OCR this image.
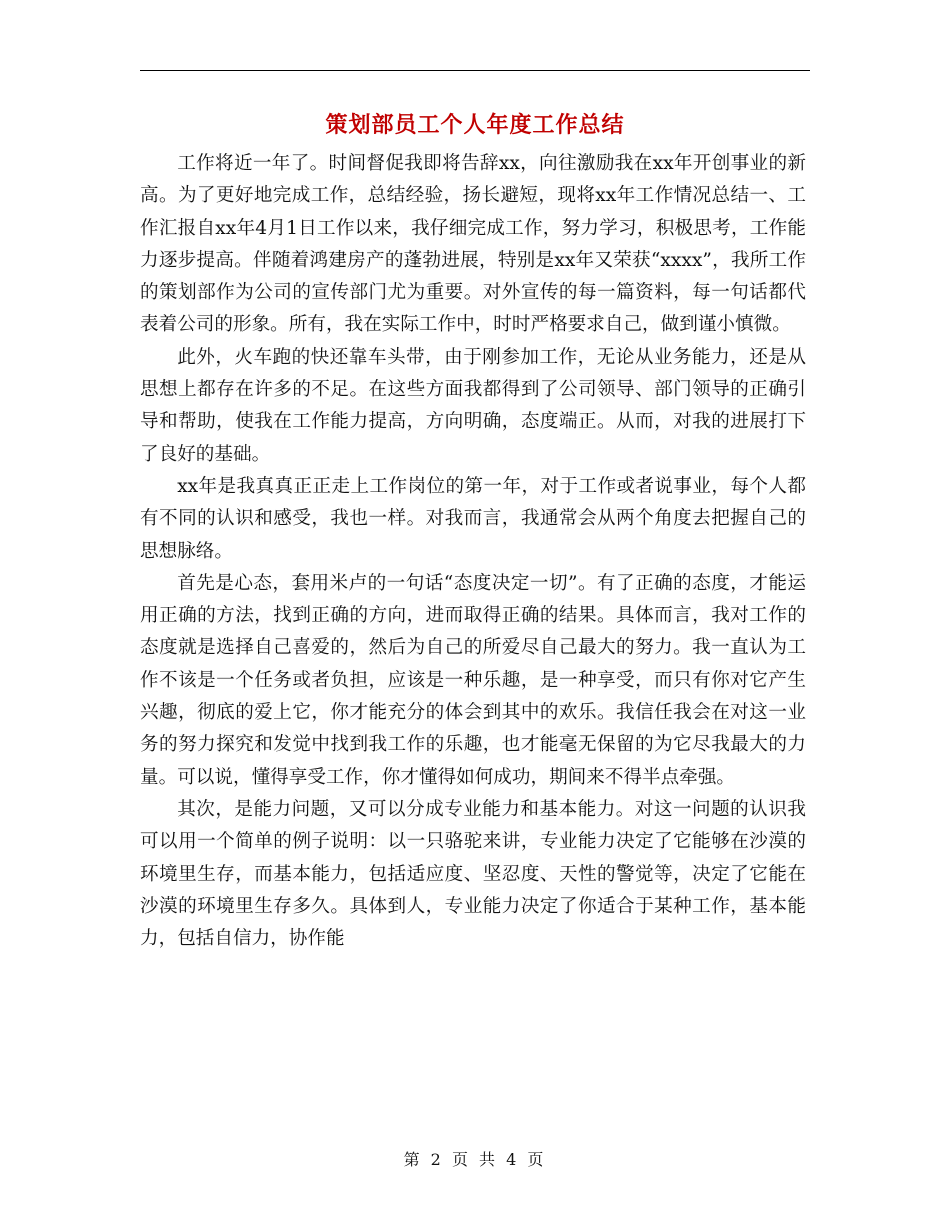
策划部员工个人年度工作总结

工作将近一年了。时间督促我即将告辞xx，向往激励我在xx年开创事业的新高。为了更好地完成工作，总结经验，扬长避短，现将xx年工作情况总结一、工作汇报自xx年4月1日工作以来，我仔细完成工作，努力学习，积极思考，工作能力逐步提高。伴随着鸿建房产的蓬勃进展，特别是xx年又荣获“xxxx”，我所工作的策划部作为公司的宣传部门尤为重要。对外宣传的每一篇资料，每一句话都代表着公司的形象。所有，我在实际工作中，时时严格要求自己，做到谨小慎微。

此外，火车跑的快还靠车头带，由于刚参加工作，无论从业务能力，还是从思想上都存在许多的不足。在这些方面我都得到了公司领导、部门领导的正确引导和帮助，使我在工作能力提高，方向明确，态度端正。从而，对我的进展打下了良好的基础。

xx年是我真真正正走上工作岗位的第一年，对于工作或者说事业，每个人都有不同的认识和感受，我也一样。对我而言，我通常会从两个角度去把握自己的思想脉络。

首先是心态，套用米卢的一句话“态度决定一切”。有了正确的态度，才能运用正确的方法，找到正确的方向，进而取得正确的结果。具体而言，我对工作的态度就是选择自己喜爱的，然后为自己的所爱尽自己最大的努力。我一直认为工作不该是一个任务或者负担，应该是一种乐趣，是一种享受，而只有你对它产生兴趣，彻底的爱上它，你才能充分的体会到其中的欢乐。我信任我会在对这一业务的努力探究和发觉中找到我工作的乐趣，也才能毫无保留的为它尽我最大的力量。可以说，懂得享受工作，你才懂得如何成功，期间来不得半点牵强。

其次，是能力问题，又可以分成专业能力和基本能力。对这一问题的认识我可以用一个简单的例子说明：以一只骆驼来讲，专业能力决定了它能够在沙漠的环境里生存，而基本能力，包括适应度、坚忍度、天性的警觉等，决定了它能在沙漠的环境里生存多久。具体到人，专业能力决定了你适合于某种工作，基本能力，包括自信力，协作能

第 2 页 共 4 页
